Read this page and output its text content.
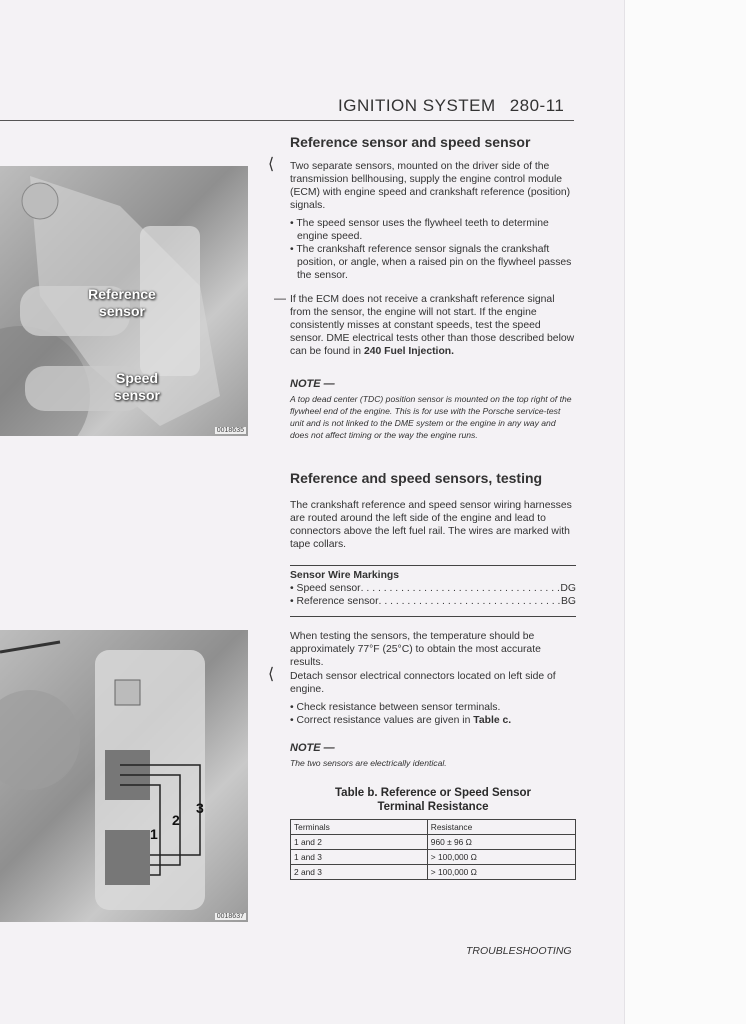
IGNITION SYSTEM 280-11
Reference sensor
Speed sensor
0018635
1
2
3
0018637
Reference sensor and speed sensor
⟨ Two separate sensors, mounted on the driver side of the transmission bellhousing, supply the engine control module (ECM) with engine speed and crankshaft reference (position) signals.

• The speed sensor uses the flywheel teeth to determine engine speed.

• The crankshaft reference sensor signals the crankshaft position, or angle, when a raised pin on the flywheel passes the sensor.

— If the ECM does not receive a crankshaft reference signal from the sensor, the engine will not start. If the engine consistently misses at constant speeds, test the speed sensor. DME electrical tests other than those described below can be found in 240 Fuel Injection.
NOTE —
A top dead center (TDC) position sensor is mounted on the top right of the flywheel end of the engine. This is for use with the Porsche service-test unit and is not linked to the DME system or the engine in any way and does not affect timing or the way the engine runs.
Reference and speed sensors, testing
The crankshaft reference and speed sensor wiring harnesses are routed around the left side of the engine and lead to connectors above the left fuel rail. The wires are marked with tape collars.
Sensor Wire Markings
• Speed sensor . . .	DG
• Reference sensor . . .	BG
When testing the sensors, the temperature should be approximately 77°F (25°C) to obtain the most accurate results.
⟨ Detach sensor electrical connectors located on left side of engine.

• Check resistance between sensor terminals.

• Correct resistance values are given in Table c.

NOTE —
The two sensors are electrically identical.
Table b. Reference or Speed Sensor
Terminal Resistance
Terminals	Resistance
1 and 2	960 ± 96 Ω
1 and 3	> 100,000 Ω
2 and 3	> 100,000 Ω
TROUBLESHOOTING
